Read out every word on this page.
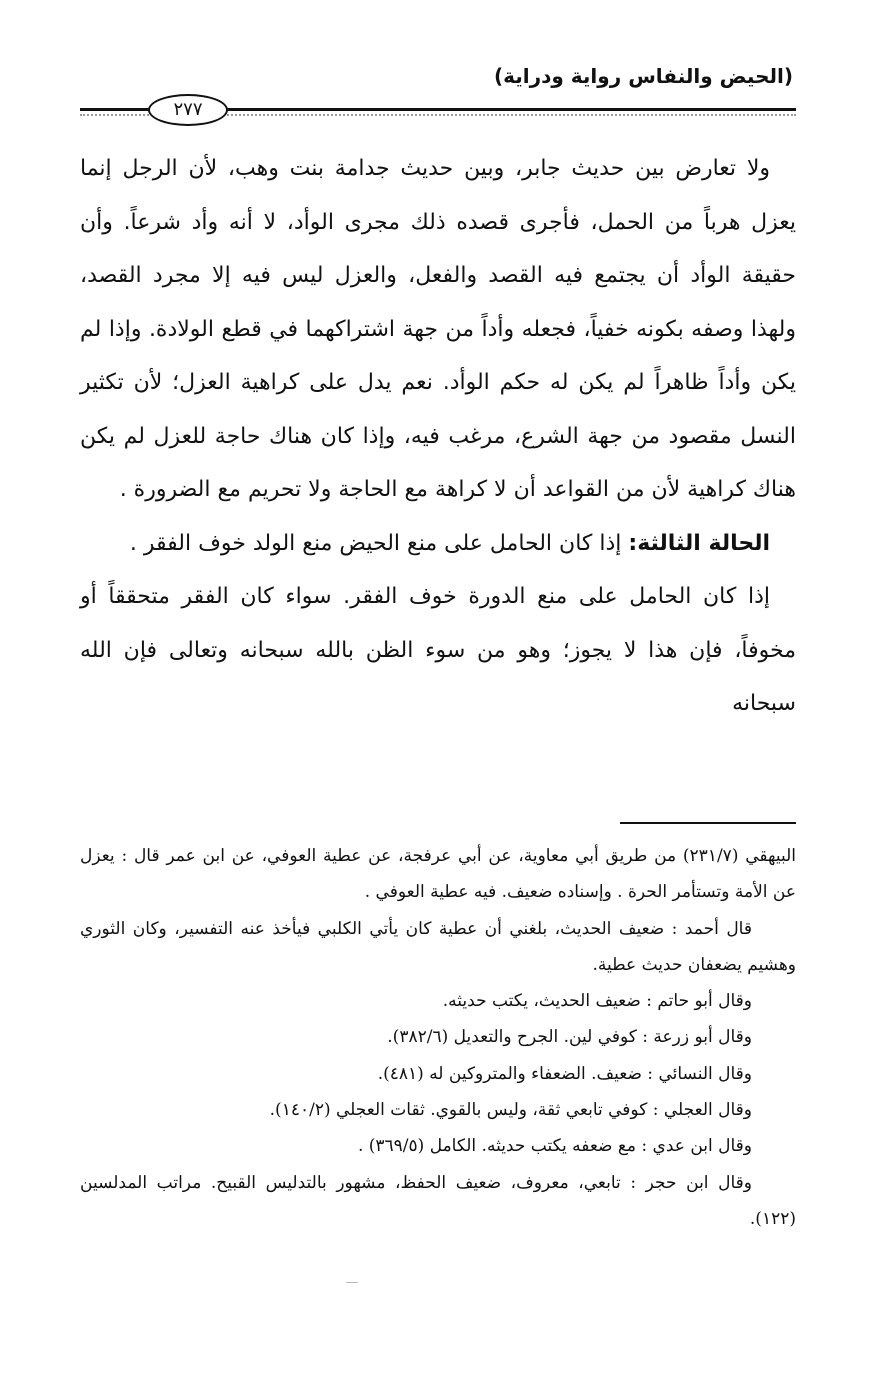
(الحيض والنفاس رواية ودراية)
٢٧٧

ولا تعارض بين حديث جابر، وبين حديث جدامة بنت وهب، لأن الرجل إنما يعزل هرباً من الحمل، فأجرى قصده ذلك مجرى الوأد، لا أنه وأد شرعاً. وأن حقيقة الوأد أن يجتمع فيه القصد والفعل، والعزل ليس فيه إلا مجرد القصد، ولهذا وصفه بكونه خفياً، فجعله وأداً من جهة اشتراكهما في قطع الولادة. وإذا لم يكن وأداً ظاهراً لم يكن له حكم الوأد. نعم يدل على كراهية العزل؛ لأن تكثير النسل مقصود من جهة الشرع، مرغب فيه، وإذا كان هناك حاجة للعزل لم يكن هناك كراهية لأن من القواعد أن لا كراهة مع الحاجة ولا تحريم مع الضرورة .

الحالة الثالثة: إذا كان الحامل على منع الحيض منع الولد خوف الفقر .

إذا كان الحامل على منع الدورة خوف الفقر. سواء كان الفقر متحققاً أو مخوفاً، فإن هذا لا يجوز؛ وهو من سوء الظن بالله سبحانه وتعالى فإن الله سبحانه

البيهقي (٢٣١/٧) من طريق أبي معاوية، عن أبي عرفجة، عن عطية العوفي، عن ابن عمر قال : يعزل عن الأمة وتستأمر الحرة . وإسناده ضعيف. فيه عطية العوفي .

قال أحمد : ضعيف الحديث، بلغني أن عطية كان يأتي الكلبي فيأخذ عنه التفسير، وكان الثوري وهشيم يضعفان حديث عطية.

وقال أبو حاتم : ضعيف الحديث، يكتب حديثه.

وقال أبو زرعة : كوفي لين. الجرح والتعديل (٣٨٢/٦).

وقال النسائي : ضعيف. الضعفاء والمتروكين له (٤٨١).

وقال العجلي : كوفي تابعي ثقة، وليس بالقوي. ثقات العجلي (١٤٠/٢).

وقال ابن عدي : مع ضعفه يكتب حديثه. الكامل (٣٦٩/٥) .

وقال ابن حجر : تابعي، معروف، ضعيف الحفظ، مشهور بالتدليس القبيح. مراتب المدلسين (١٢٢).
